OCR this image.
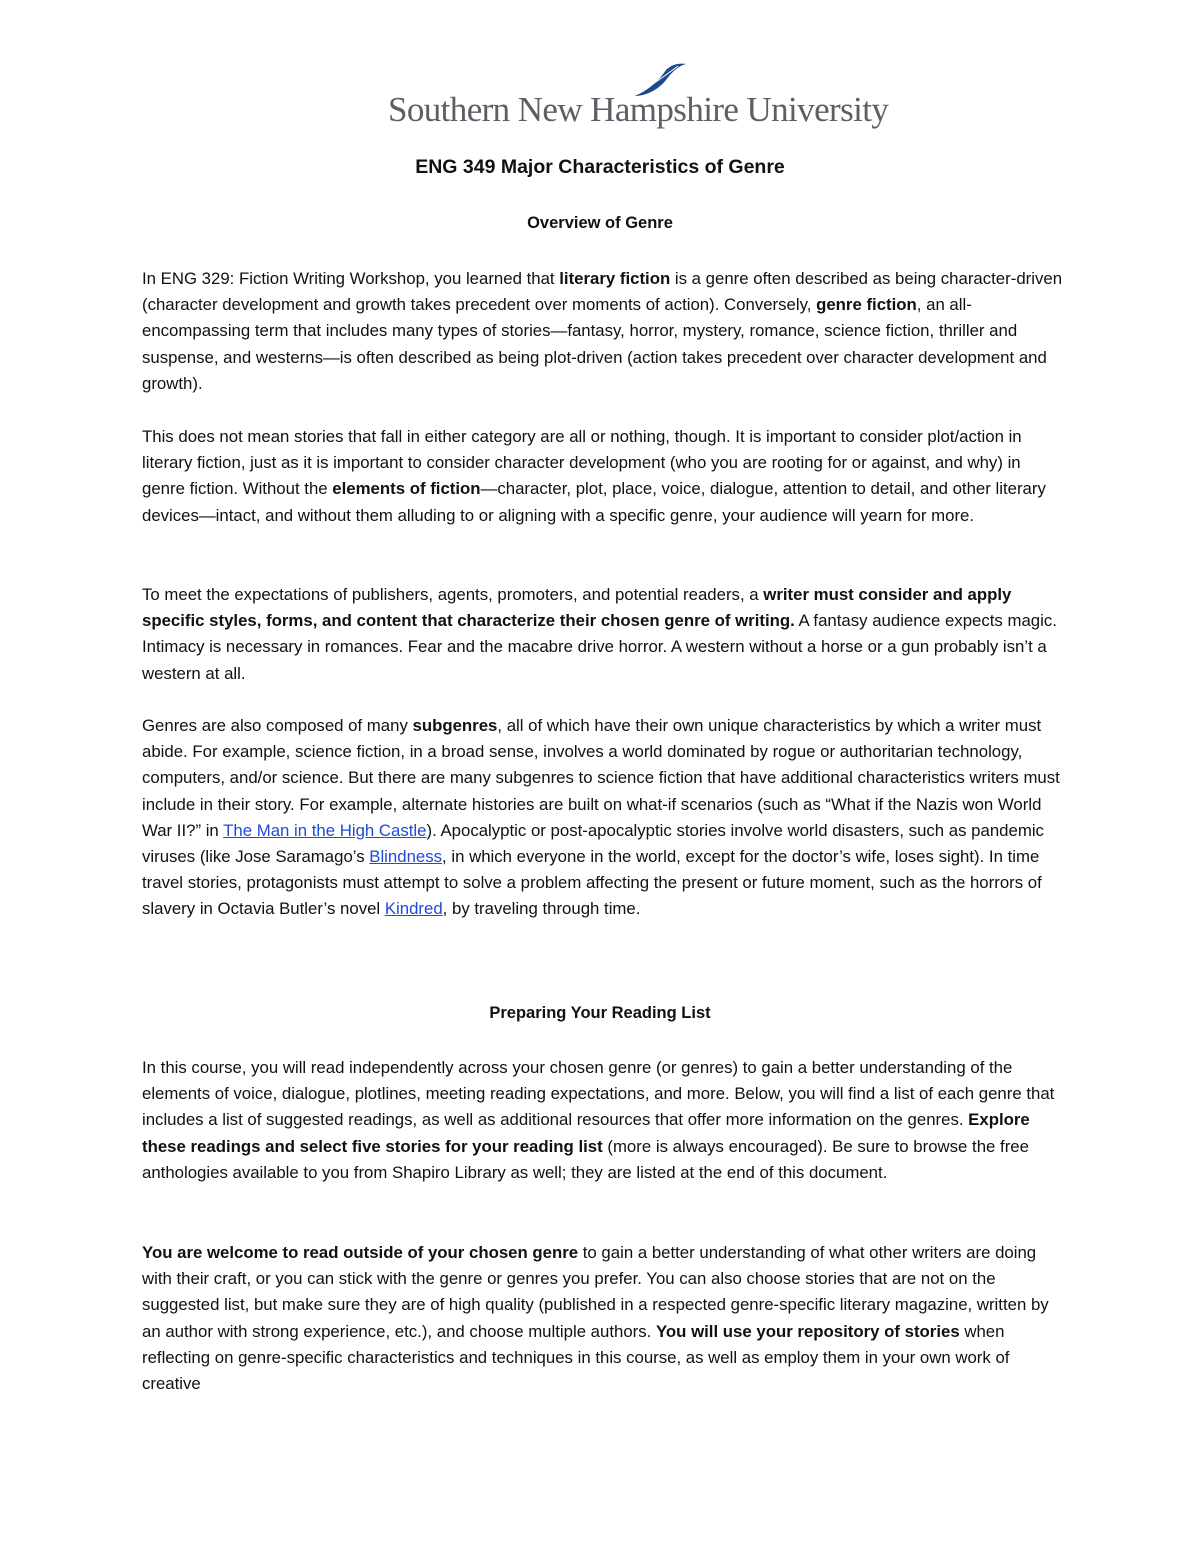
Southern New Hampshire University
ENG 349 Major Characteristics of Genre
Overview of Genre

In ENG 329: Fiction Writing Workshop, you learned that literary fiction is a genre often described as being character-driven (character development and growth takes precedent over moments of action). Conversely, genre fiction, an all-encompassing term that includes many types of stories—fantasy, horror, mystery, romance, science fiction, thriller and suspense, and westerns—is often described as being plot-driven (action takes precedent over character development and growth).

This does not mean stories that fall in either category are all or nothing, though. It is important to consider plot/action in literary fiction, just as it is important to consider character development (who you are rooting for or against, and why) in genre fiction. Without the elements of fiction—character, plot, place, voice, dialogue, attention to detail, and other literary devices—intact, and without them alluding to or aligning with a specific genre, your audience will yearn for more.

To meet the expectations of publishers, agents, promoters, and potential readers, a writer must consider and apply specific styles, forms, and content that characterize their chosen genre of writing. A fantasy audience expects magic. Intimacy is necessary in romances. Fear and the macabre drive horror. A western without a horse or a gun probably isn’t a western at all.

Genres are also composed of many subgenres, all of which have their own unique characteristics by which a writer must abide. For example, science fiction, in a broad sense, involves a world dominated by rogue or authoritarian technology, computers, and/or science. But there are many subgenres to science fiction that have additional characteristics writers must include in their story. For example, alternate histories are built on what-if scenarios (such as “What if the Nazis won World War II?” in The Man in the High Castle). Apocalyptic or post-apocalyptic stories involve world disasters, such as pandemic viruses (like Jose Saramago’s Blindness, in which everyone in the world, except for the doctor’s wife, loses sight). In time travel stories, protagonists must attempt to solve a problem affecting the present or future moment, such as the horrors of slavery in Octavia Butler’s novel Kindred, by traveling through time.

Preparing Your Reading List

In this course, you will read independently across your chosen genre (or genres) to gain a better understanding of the elements of voice, dialogue, plotlines, meeting reading expectations, and more. Below, you will find a list of each genre that includes a list of suggested readings, as well as additional resources that offer more information on the genres. Explore these readings and select five stories for your reading list (more is always encouraged). Be sure to browse the free anthologies available to you from Shapiro Library as well; they are listed at the end of this document.

You are welcome to read outside of your chosen genre to gain a better understanding of what other writers are doing with their craft, or you can stick with the genre or genres you prefer. You can also choose stories that are not on the suggested list, but make sure they are of high quality (published in a respected genre-specific literary magazine, written by an author with strong experience, etc.), and choose multiple authors. You will use your repository of stories when reflecting on genre-specific characteristics and techniques in this course, as well as employ them in your own work of creative
